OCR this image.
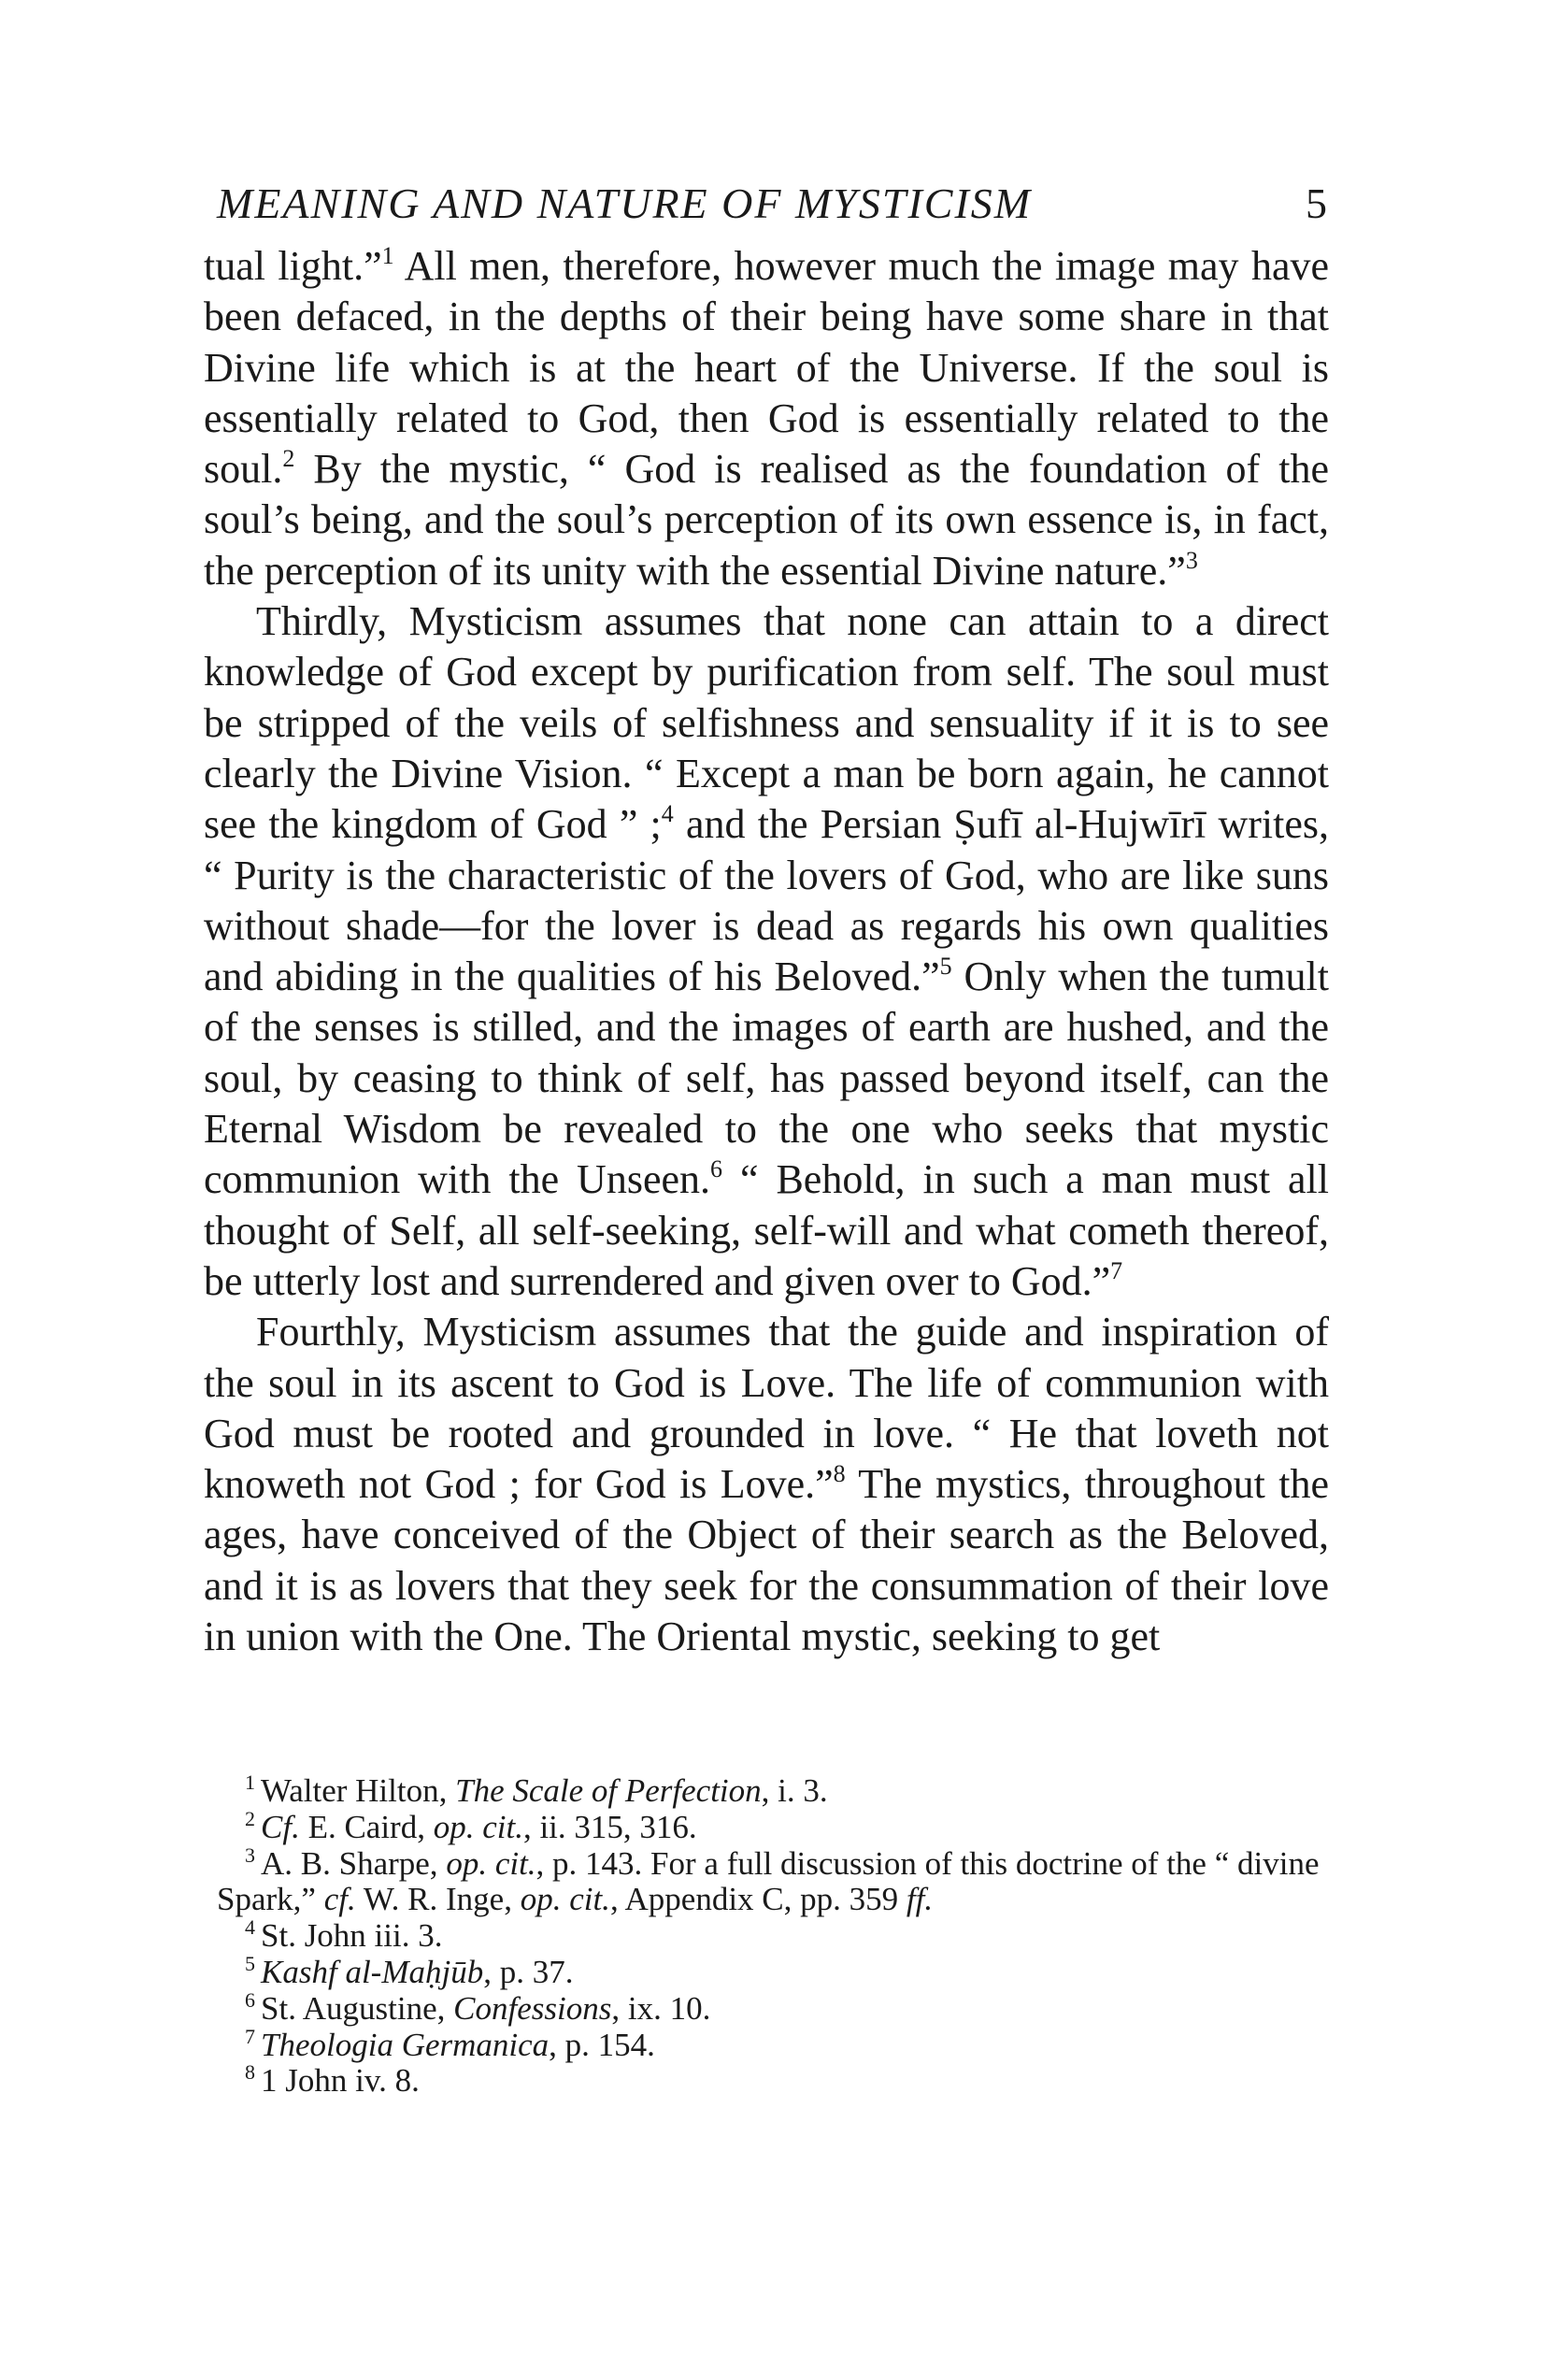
MEANING AND NATURE OF MYSTICISM	5

tual light.”$^1$ All men, therefore, however much the image may have been defaced, in the depths of their being have some share in that Divine life which is at the heart of the Universe. If the soul is essentially related to God, then God is essentially related to the soul.$^2$ By the mystic, “ God is realised as the foundation of the soul’s being, and the soul’s perception of its own essence is, in fact, the perception of its unity with the essential Divine nature.”$^3$

Thirdly, Mysticism assumes that none can attain to a direct knowledge of God except by purification from self. The soul must be stripped of the veils of selfishness and sensuality if it is to see clearly the Divine Vision. “ Except a man be born again, he cannot see the kingdom of God ” ;$^4$ and the Persian Ṣufī al-Hujwīrī writes, “ Purity is the characteristic of the lovers of God, who are like suns without shade—for the lover is dead as regards his own qualities and abiding in the qualities of his Beloved.”$^5$ Only when the tumult of the senses is stilled, and the images of earth are hushed, and the soul, by ceasing to think of self, has passed beyond itself, can the Eternal Wisdom be revealed to the one who seeks that mystic communion with the Unseen.$^6$ “ Behold, in such a man must all thought of Self, all self-seeking, self-will and what cometh thereof, be utterly lost and surrendered and given over to God.”$^7$

Fourthly, Mysticism assumes that the guide and inspiration of the soul in its ascent to God is Love. The life of communion with God must be rooted and grounded in love. “ He that loveth not knoweth not God ; for God is Love.”$^8$ The mystics, throughout the ages, have conceived of the Object of their search as the Beloved, and it is as lovers that they seek for the consummation of their love in union with the One. The Oriental mystic, seeking to get

$^1$ Walter Hilton, The Scale of Perfection, i. 3.

$^2$ Cf. E. Caird, op. cit., ii. 315, 316.

$^3$ A. B. Sharpe, op. cit., p. 143. For a full discussion of this doctrine of the “ divine Spark,” cf. W. R. Inge, op. cit., Appendix C, pp. 359 ff.

$^4$ St. John iii. 3.

$^5$ Kashf al-Maḥjūb, p. 37.

$^6$ St. Augustine, Confessions, ix. 10.

$^7$ Theologia Germanica, p. 154.

$^8$ 1 John iv. 8.
